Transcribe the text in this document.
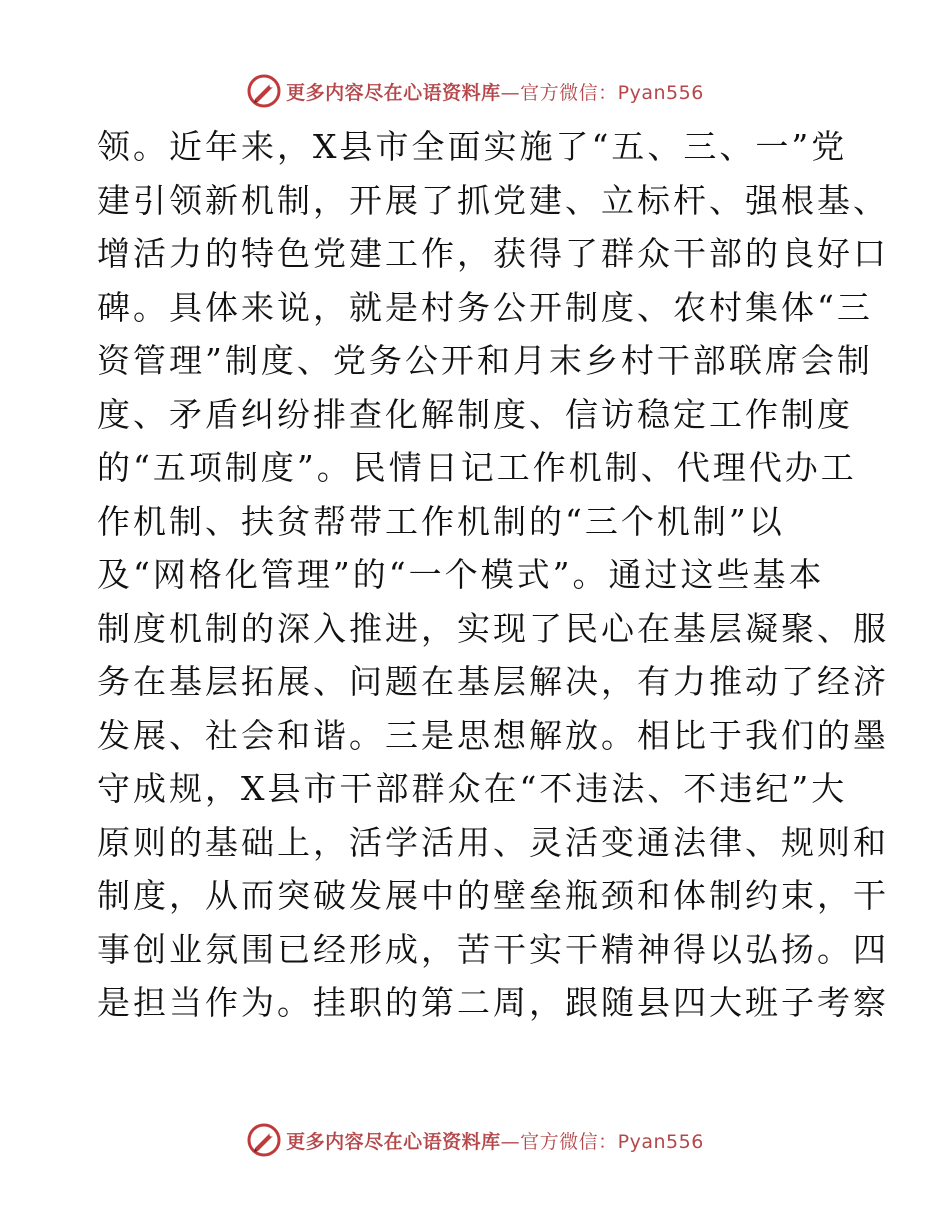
更多内容尽在心语资料库—官方微信：Pyan556
领。近年来，X县市全面实施了“五、三、一”党
建引领新机制，开展了抓党建、立标杆、强根基、
增活力的特色党建工作，获得了群众干部的良好口
碑。具体来说，就是村务公开制度、农村集体“三
资管理”制度、党务公开和月末乡村干部联席会制
度、矛盾纠纷排查化解制度、信访稳定工作制度
的“五项制度”。民情日记工作机制、代理代办工
作机制、扶贫帮带工作机制的“三个机制”以
及“网格化管理”的“一个模式”。通过这些基本
制度机制的深入推进，实现了民心在基层凝聚、服
务在基层拓展、问题在基层解决，有力推动了经济
发展、社会和谐。三是思想解放。相比于我们的墨
守成规，X县市干部群众在“不违法、不违纪”大
原则的基础上，活学活用、灵活变通法律、规则和
制度，从而突破发展中的壁垒瓶颈和体制约束，干
事创业氛围已经形成，苦干实干精神得以弘扬。四
是担当作为。挂职的第二周，跟随县四大班子考察
更多内容尽在心语资料库—官方微信：Pyan556
